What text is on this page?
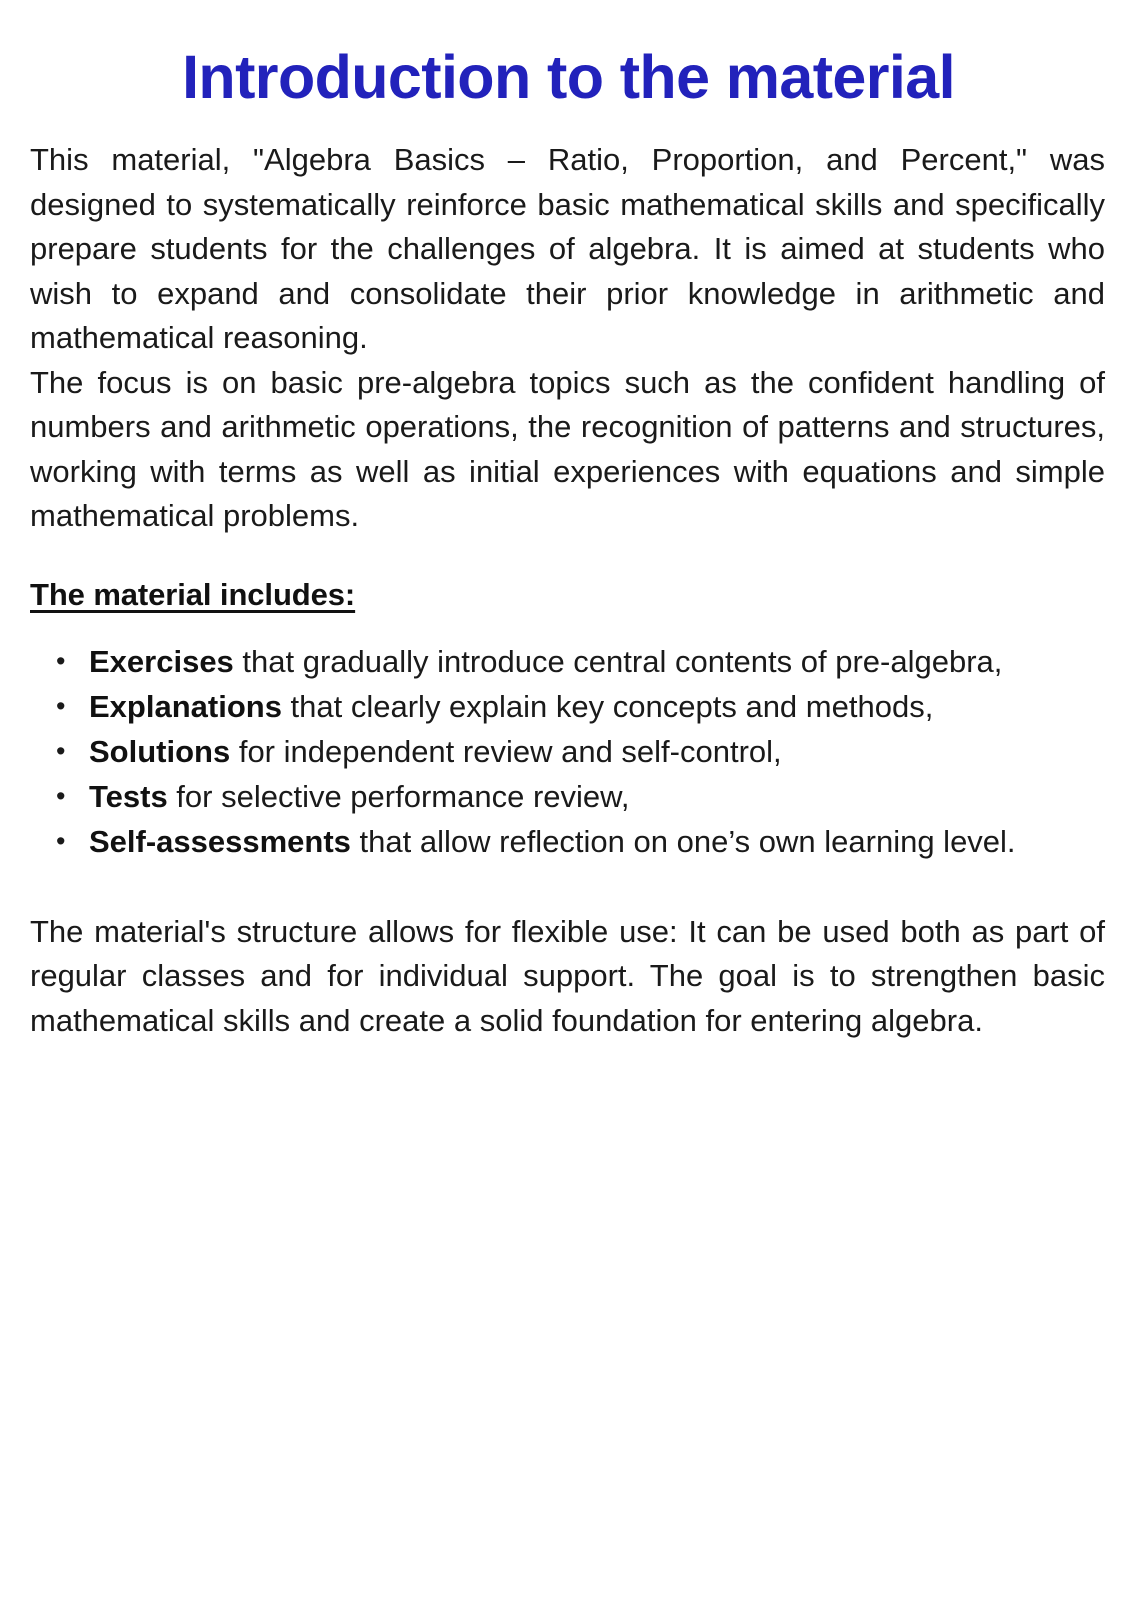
Introduction to the material

This material, "Algebra Basics – Ratio, Proportion, and Percent," was designed to systematically reinforce basic mathematical skills and specifically prepare students for the challenges of algebra. It is aimed at students who wish to expand and consolidate their prior knowledge in arithmetic and mathematical reasoning.

The focus is on basic pre-algebra topics such as the confident handling of numbers and arithmetic operations, the recognition of patterns and structures, working with terms as well as initial experiences with equations and simple mathematical problems.

The material includes:
• Exercises that gradually introduce central contents of pre-algebra,
• Explanations that clearly explain key concepts and methods,
• Solutions for independent review and self-control,
• Tests for selective performance review,
• Self-assessments that allow reflection on one’s own learning level.

The material's structure allows for flexible use: It can be used both as part of regular classes and for individual support. The goal is to strengthen basic mathematical skills and create a solid foundation for entering algebra.
